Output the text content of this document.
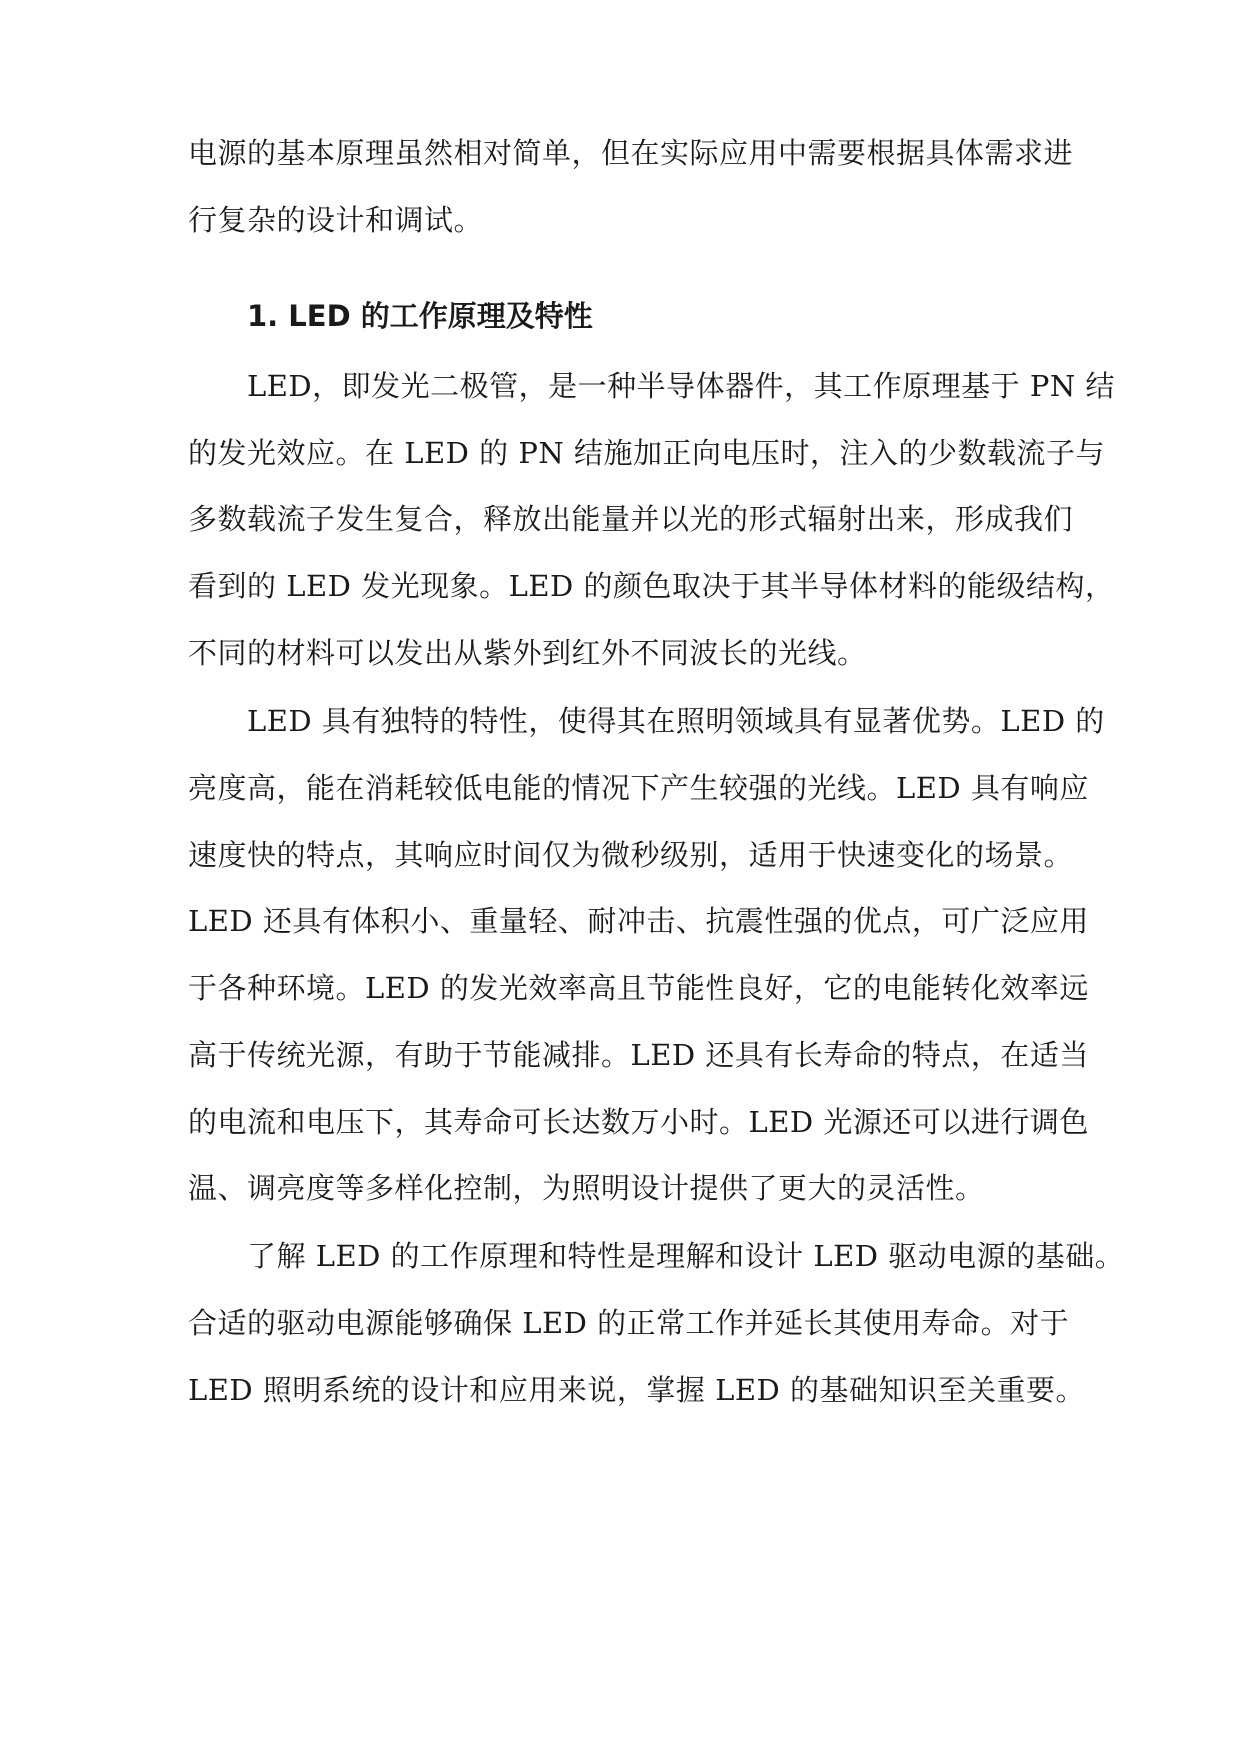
电源的基本原理虽然相对简单，但在实际应用中需要根据具体需求进
行复杂的设计和调试。
1. LED 的工作原理及特性
LED，即发光二极管，是一种半导体器件，其工作原理基于 PN 结
的发光效应。在 LED 的 PN 结施加正向电压时，注入的少数载流子与
多数载流子发生复合，释放出能量并以光的形式辐射出来，形成我们
看到的 LED 发光现象。LED 的颜色取决于其半导体材料的能级结构，
不同的材料可以发出从紫外到红外不同波长的光线。
LED 具有独特的特性，使得其在照明领域具有显著优势。LED 的
亮度高，能在消耗较低电能的情况下产生较强的光线。LED 具有响应
速度快的特点，其响应时间仅为微秒级别，适用于快速变化的场景。
LED 还具有体积小、重量轻、耐冲击、抗震性强的优点，可广泛应用
于各种环境。LED 的发光效率高且节能性良好，它的电能转化效率远
高于传统光源，有助于节能减排。LED 还具有长寿命的特点，在适当
的电流和电压下，其寿命可长达数万小时。LED 光源还可以进行调色
温、调亮度等多样化控制，为照明设计提供了更大的灵活性。
了解 LED 的工作原理和特性是理解和设计 LED 驱动电源的基础。
合适的驱动电源能够确保 LED 的正常工作并延长其使用寿命。对于
LED 照明系统的设计和应用来说，掌握 LED 的基础知识至关重要。
